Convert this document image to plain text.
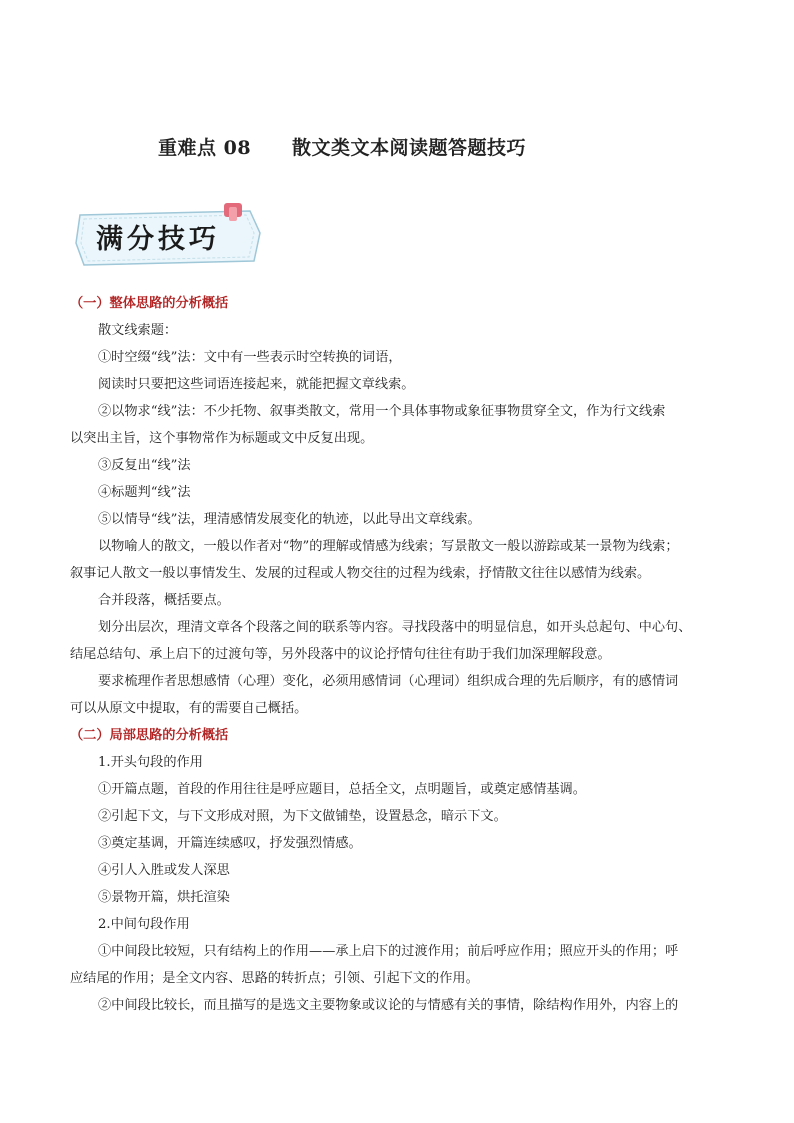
重难点 08 散文类文本阅读题答题技巧
满分技巧

（一）整体思路的分析概括

散文线索题：

①时空缀“线”法：文中有一些表示时空转换的词语，

阅读时只要把这些词语连接起来，就能把握文章线索。

②以物求“线”法：不少托物、叙事类散文，常用一个具体事物或象征事物贯穿全文，作为行文线索

以突出主旨，这个事物常作为标题或文中反复出现。

③反复出“线”法

④标题判“线”法

⑤以情导“线”法，理清感情发展变化的轨迹，以此导出文章线索。

以物喻人的散文，一般以作者对“物”的理解或情感为线索；写景散文一般以游踪或某一景物为线索；

叙事记人散文一般以事情发生、发展的过程或人物交往的过程为线索，抒情散文往往以感情为线索。

合并段落，概括要点。

划分出层次，理清文章各个段落之间的联系等内容。寻找段落中的明显信息，如开头总起句、中心句、

结尾总结句、承上启下的过渡句等，另外段落中的议论抒情句往往有助于我们加深理解段意。

要求梳理作者思想感情（心理）变化，必须用感情词（心理词）组织成合理的先后顺序，有的感情词

可以从原文中提取，有的需要自己概括。

（二）局部思路的分析概括

1.开头句段的作用

①开篇点题，首段的作用往往是呼应题目，总括全文，点明题旨，或奠定感情基调。

②引起下文，与下文形成对照，为下文做铺垫，设置悬念，暗示下文。

③奠定基调，开篇连续感叹，抒发强烈情感。

④引人入胜或发人深思

⑤景物开篇，烘托渲染

2.中间句段作用

①中间段比较短，只有结构上的作用——承上启下的过渡作用；前后呼应作用；照应开头的作用；呼

应结尾的作用；是全文内容、思路的转折点；引领、引起下文的作用。

②中间段比较长，而且描写的是选文主要物象或议论的与情感有关的事情，除结构作用外，内容上的
